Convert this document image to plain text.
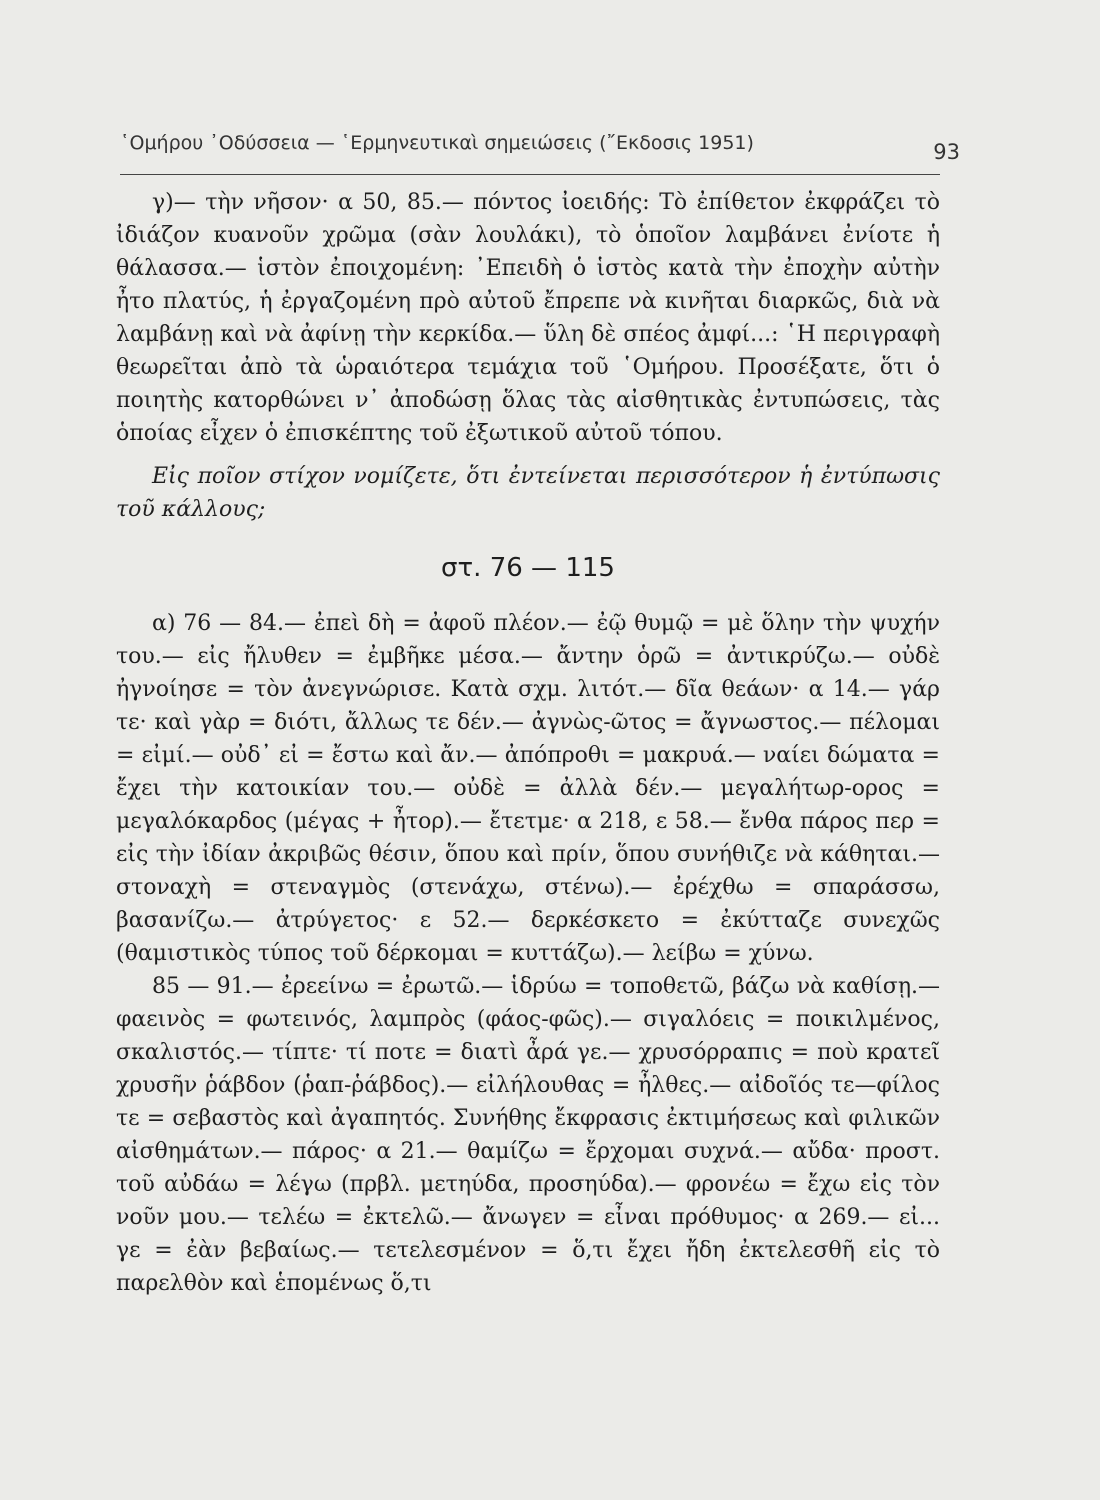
῾Ομήρου ᾿Οδύσσεια — ῾Ερμηνευτικαὶ σημειώσεις (῎Εκδοσις 1951)	93

γ)— τὴν νῆσον· α 50, 85.— πόντος ἰοειδής: Τὸ ἐπίθετον ἐκφράζει τὸ ἰδιάζον κυανοῦν χρῶμα (σὰν λουλάκι), τὸ ὁποῖον λαμβάνει ἐνίοτε ἡ θάλασσα.— ἱστὸν ἐποιχομένη: ᾿Επειδὴ ὁ ἱστὸς κατὰ τὴν ἐποχὴν αὐτὴν ἦτο πλατύς, ἡ ἐργαζομένη πρὸ αὐτοῦ ἔπρεπε νὰ κινῆται διαρκῶς, διὰ νὰ λαμβάνῃ καὶ νὰ ἀφίνῃ τὴν κερκίδα.— ὕλη δὲ σπέος ἀμφί...: ῾Η περιγραφὴ θεωρεῖται ἀπὸ τὰ ὡραιότερα τεμάχια τοῦ ῾Ομήρου. Προσέξατε, ὅτι ὁ ποιητὴς κατορθώνει ν᾿ ἀποδώσῃ ὅλας τὰς αἰσθητικὰς ἐντυπώσεις, τὰς ὁποίας εἶχεν ὁ ἐπισκέπτης τοῦ ἐξωτικοῦ αὐτοῦ τόπου.

Εἰς ποῖον στίχον νομίζετε, ὅτι ἐντείνεται περισσότερον ἡ ἐντύπωσις τοῦ κάλλους;

στ. 76 — 115

α) 76 — 84.— ἐπεὶ δὴ = ἀφοῦ πλέον.— ἐῷ θυμῷ = μὲ ὅλην τὴν ψυχήν του.— εἰς ἤλυθεν = ἐμβῆκε μέσα.— ἄντην ὁρῶ = ἀντικρύζω.— οὐδὲ ἠγνοίησε = τὸν ἀνεγνώρισε. Κατὰ σχμ. λιτότ.— δῖα θεάων· α 14.— γάρ τε· καὶ γὰρ = διότι, ἄλλως τε δέν.— ἀγνὼς-ῶτος = ἄγνωστος.— πέλομαι = εἰμί.— οὐδ᾿ εἰ = ἔστω καὶ ἄν.— ἀπόπροθι = μακρυά.— ναίει δώματα = ἔχει τὴν κατοικίαν του.— οὐδὲ = ἀλλὰ δέν.— μεγαλήτωρ-ορος = μεγαλόκαρδος (μέγας + ἦτορ).— ἔτετμε· α 218, ε 58.— ἔνθα πάρος περ = εἰς τὴν ἰδίαν ἀκριβῶς θέσιν, ὅπου καὶ πρίν, ὅπου συνήθιζε νὰ κάθηται.— στοναχὴ = στεναγμὸς (στενάχω, στένω).— ἐρέχθω = σπαράσσω, βασανίζω.— ἀτρύγετος· ε 52.— δερκέσκετο = ἐκύτταζε συνεχῶς (θαμιστικὸς τύπος τοῦ δέρκομαι = κυττάζω).— λείβω = χύνω.

85 — 91.— ἐρεείνω = ἐρωτῶ.— ἱδρύω = τοποθετῶ, βάζω νὰ καθίσῃ.— φαεινὸς = φωτεινός, λαμπρὸς (φάος-φῶς).— σιγαλόεις = ποικιλμένος, σκαλιστός.— τίπτε· τί ποτε = διατὶ ἆρά γε.— χρυσόρραπις = ποὺ κρατεῖ χρυσῆν ῥάβδον (ῥαπ-ῥάβδος).— εἰλήλουθας = ἦλθες.— αἰδοῖός τε—φίλος τε = σεβαστὸς καὶ ἀγαπητός. Συνήθης ἔκφρασις ἐκτιμήσεως καὶ φιλικῶν αἰσθημάτων.— πάρος· α 21.— θαμίζω = ἔρχομαι συχνά.— αὔδα· προστ. τοῦ αὐδάω = λέγω (πρβλ. μετηύδα, προσηύδα).— φρονέω = ἔχω εἰς τὸν νοῦν μου.— τελέω = ἐκτελῶ.— ἄνωγεν = εἶναι πρόθυμος· α 269.— εἰ... γε = ἐὰν βεβαίως.— τετελεσμένον = ὅ,τι ἔχει ἤδη ἐκτελεσθῆ εἰς τὸ παρελθὸν καὶ ἑπομένως ὅ,τι
